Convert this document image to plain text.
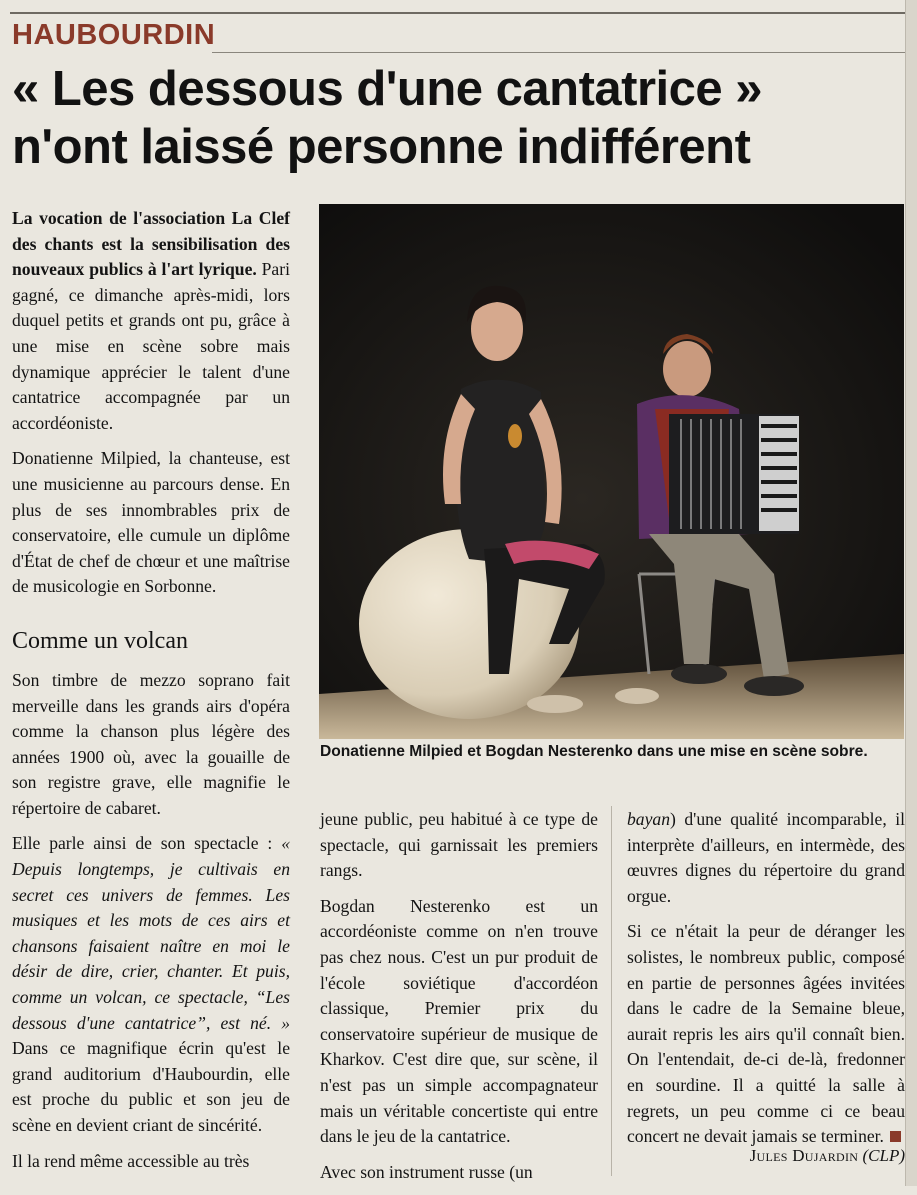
HAUBOURDIN
« Les dessous d'une cantatrice »
n'ont laissé personne indifférent

La vocation de l'association La Clef des chants est la sensibilisation des nouveaux publics à l'art lyrique. Pari gagné, ce dimanche après-midi, lors duquel petits et grands ont pu, grâce à une mise en scène sobre mais dynamique apprécier le talent d'une cantatrice accompagnée par un accordéoniste.

Donatienne Milpied, la chanteuse, est une musicienne au parcours dense. En plus de ses innombrables prix de conservatoire, elle cumule un diplôme d'État de chef de chœur et une maîtrise de musicologie en Sorbonne.

Comme un volcan

Son timbre de mezzo soprano fait merveille dans les grands airs d'opéra comme la chanson plus légère des années 1900 où, avec la gouaille de son registre grave, elle magnifie le répertoire de cabaret.

Elle parle ainsi de son spectacle : « Depuis longtemps, je cultivais en secret ces univers de femmes. Les musiques et les mots de ces airs et chansons faisaient naître en moi le désir de dire, crier, chanter. Et puis, comme un volcan, ce spectacle, “Les dessous d'une cantatrice”, est né. » Dans ce magnifique écrin qu'est le grand auditorium d'Haubourdin, elle est proche du public et son jeu de scène en devient criant de sincérité.

Il la rend même accessible au très

Donatienne Milpied et Bogdan Nesterenko dans une mise en scène sobre.

jeune public, peu habitué à ce type de spectacle, qui garnissait les premiers rangs.

Bogdan Nesterenko est un accordéoniste comme on n'en trouve pas chez nous. C'est un pur produit de l'école soviétique d'accordéon classique, Premier prix du conservatoire supérieur de musique de Kharkov. C'est dire que, sur scène, il n'est pas un simple accompagnateur mais un véritable concertiste qui entre dans le jeu de la cantatrice.

Avec son instrument russe (un

bayan) d'une qualité incomparable, il interprète d'ailleurs, en intermède, des œuvres dignes du répertoire du grand orgue.

Si ce n'était la peur de déranger les solistes, le nombreux public, composé en partie de personnes âgées invitées dans le cadre de la Semaine bleue, aurait repris les airs qu'il connaît bien. On l'entendait, de-ci de-là, fredonner en sourdine. Il a quitté la salle à regrets, un peu comme ci ce beau concert ne devait jamais se terminer.

Jules Dujardin (CLP)
